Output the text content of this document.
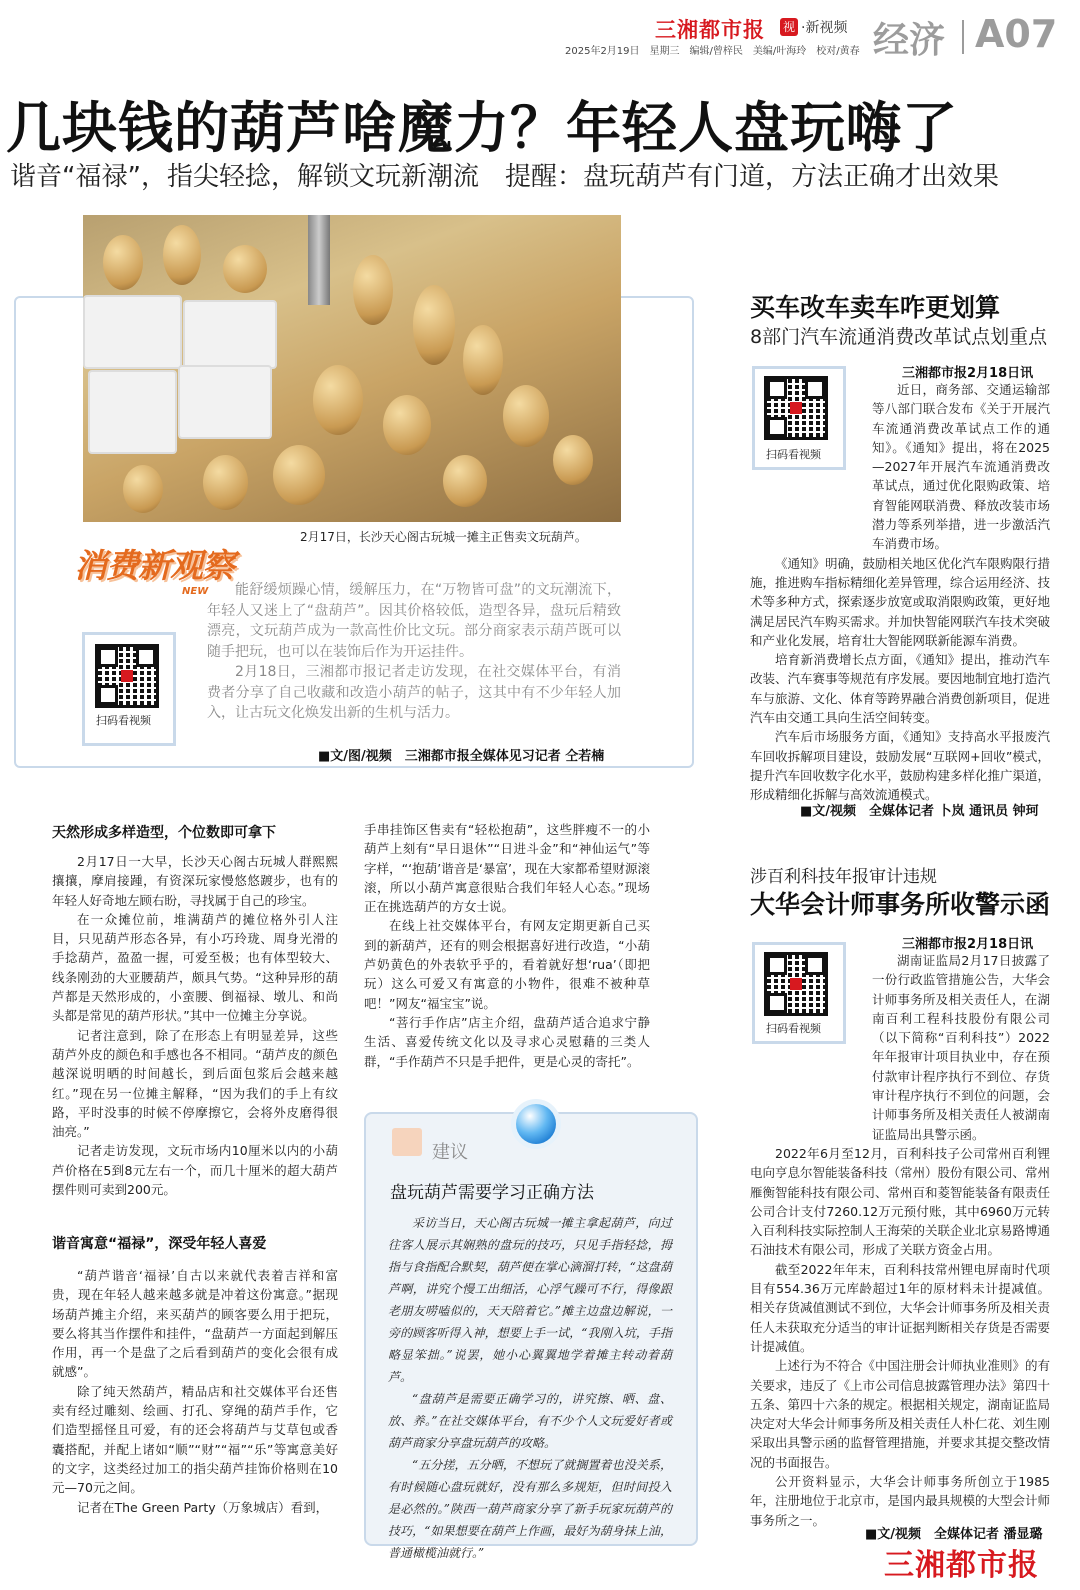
三湘都市报 视 ·新视频
2025年2月19日　星期三　编辑/曾梓民　美编/叶海玲　校对/黄春 经济 A07
几块钱的葫芦啥魔力？年轻人盘玩嗨了
谐音“福禄”，指尖轻捻，解锁文玩新潮流　提醒：盘玩葫芦有门道，方法正确才出效果
2月17日，长沙天心阁古玩城一摊主正售卖文玩葫芦。
消费新观察
NEW
扫码看视频

能舒缓烦躁心情，缓解压力，在“万物皆可盘”的文玩潮流下，年轻人又迷上了“盘葫芦”。因其价格较低，造型各异，盘玩后精致漂亮，文玩葫芦成为一款高性价比文玩。部分商家表示葫芦既可以随手把玩，也可以在装饰后作为开运挂件。

2月18日，三湘都市报记者走访发现，在社交媒体平台，有消费者分享了自己收藏和改造小葫芦的帖子，这其中有不少年轻人加入，让古玩文化焕发出新的生机与活力。

■文/图/视频　三湘都市报全媒体见习记者 仝若楠
天然形成多样造型，个位数即可拿下

2月17日一大早，长沙天心阁古玩城人群熙熙攘攘，摩肩接踵，有资深玩家慢悠悠踱步，也有的年轻人好奇地左顾右盼，寻找属于自己的珍宝。

在一众摊位前，堆满葫芦的摊位格外引人注目，只见葫芦形态各异，有小巧玲珑、周身光滑的手捻葫芦，盈盈一握，可爱至极；也有体型较大、线条刚劲的大亚腰葫芦，颇具气势。“这种异形的葫芦都是天然形成的，小蛮腰、倒福禄、墩儿、和尚头都是常见的葫芦形状。”其中一位摊主分享说。

记者注意到，除了在形态上有明显差异，这些葫芦外皮的颜色和手感也各不相同。“葫芦皮的颜色越深说明晒的时间越长，到后面包浆后会越来越红。”现在另一位摊主解释，“因为我们的手上有纹路，平时没事的时候不停摩擦它，会将外皮磨得很油亮。”

记者走访发现，文玩市场内10厘米以内的小葫芦价格在5到8元左右一个，而几十厘米的超大葫芦摆件则可卖到200元。

谐音寓意“福禄”，深受年轻人喜爱

“葫芦谐音‘福禄’自古以来就代表着吉祥和富贵，现在年轻人越来越多就是冲着这份寓意。”据现场葫芦摊主介绍，来买葫芦的顾客要么用于把玩，要么将其当作摆件和挂件，“盘葫芦一方面起到解压作用，再一个是盘了之后看到葫芦的变化会很有成就感”。

除了纯天然葫芦，精品店和社交媒体平台还售卖有经过雕刻、绘画、打孔、穿绳的葫芦手作，它们造型摇怪且可爱，有的还会将葫芦与艾草包或香囊搭配，并配上诸如“顺”“财”“福”“乐”等寓意美好的文字，这类经过加工的指尖葫芦挂饰价格则在10元—70元之间。

记者在The Green Party（万象城店）看到，

手串挂饰区售卖有“轻松抱葫”，这些胖瘦不一的小葫芦上刻有“早日退休”“日进斗金”和“神仙运气”等字样，“‘抱葫’谐音是‘暴富’，现在大家都希望财源滚滚，所以小葫芦寓意很贴合我们年轻人心态。”现场正在挑选葫芦的方女士说。

在线上社交媒体平台，有网友定期更新自己买到的新葫芦，还有的则会根据喜好进行改造，“小葫芦奶黄色的外表软乎乎的，看着就好想‘rua’（即把玩）这么可爱又有寓意的小物件，很难不被种草吧！”网友“福宝宝”说。

“菩行手作店”店主介绍，盘葫芦适合追求宁静生活、喜爱传统文化以及寻求心灵慰藉的三类人群，“手作葫芦不只是手把件，更是心灵的寄托”。

建议
盘玩葫芦需要学习正确方法

采访当日，天心阁古玩城一摊主拿起葫芦，向过往客人展示其娴熟的盘玩的技巧，只见手指轻捻，拇指与食指配合默契，葫芦便在掌心滴溜打转，“这盘葫芦啊，讲究个慢工出细活，心浮气躁可不行，得像跟老朋友唠嗑似的，天天陪着它。”摊主边盘边解说，一旁的顾客听得入神，想要上手一试，“我刚入坑，手指略显笨拙。”说罢，她小心翼翼地学着摊主转动着葫芦。

“盘葫芦是需要正确学习的，讲究擦、晒、盘、放、养。”在社交媒体平台，有不少个人文玩爱好者或葫芦商家分享盘玩葫芦的攻略。

“五分搓，五分晒，不想玩了就搁置着也没关系，有时候随心盘玩就好，没有那么多规矩，但时间投入是必然的。”陕西一葫芦商家分享了新手玩家玩葫芦的技巧，“如果想要在葫芦上作画，最好为葫身抹上油，普通橄榄油就行。”

买车改车卖车咋更划算
8部门汽车流通消费改革试点划重点
扫码看视频
三湘都市报2月18日讯

近日，商务部、交通运输部等八部门联合发布《关于开展汽车流通消费改革试点工作的通知》。《通知》提出，将在2025—2027年开展汽车流通消费改革试点，通过优化限购政策、培育智能网联消费、释放改装市场潜力等系列举措，进一步激活汽车消费市场。

《通知》明确，鼓励相关地区优化汽车限购限行措施，推进购车指标精细化差异管理，综合运用经济、技术等多种方式，探索逐步放宽或取消限购政策，更好地满足居民汽车购买需求。并加快智能网联汽车技术突破和产业化发展，培育壮大智能网联新能源车消费。

培育新消费增长点方面，《通知》提出，推动汽车改装、汽车赛事等规范有序发展。要因地制宜地打造汽车与旅游、文化、体育等跨界融合消费创新项目，促进汽车由交通工具向生活空间转变。

汽车后市场服务方面，《通知》支持高水平报废汽车回收拆解项目建设，鼓励发展“互联网+回收”模式，提升汽车回收数字化水平，鼓励构建多样化推广渠道，形成精细化拆解与高效流通模式。

■文/视频　全媒体记者 卜岚 通讯员 钟珂
涉百利科技年报审计违规
大华会计师事务所收警示函
扫码看视频
三湘都市报2月18日讯

湖南证监局2月17日披露了一份行政监管措施公告，大华会计师事务所及相关责任人，在湖南百利工程科技股份有限公司（以下简称“百利科技”）2022年年报审计项目执业中，存在预付款审计程序执行不到位、存货审计程序执行不到位的问题，会计师事务所及相关责任人被湖南证监局出具警示函。

2022年6月至12月，百利科技子公司常州百利锂电向亨息尔智能装备科技（常州）股份有限公司、常州雁衡智能科技有限公司、常州百和菱智能装备有限责任公司合计支付7260.12万元预付账，其中6960万元转入百利科技实际控制人王海荣的关联企业北京易路博通石油技术有限公司，形成了关联方资金占用。

截至2022年年末，百利科技常州锂电屏南时代项目有554.36万元库龄超过1年的原材料未计提减值。相关存货减值测试不到位，大华会计师事务所及相关责任人未获取充分适当的审计证据判断相关存货是否需要计提减值。

上述行为不符合《中国注册会计师执业准则》的有关要求，违反了《上市公司信息披露管理办法》第四十五条、第四十六条的规定。根据相关规定，湖南证监局决定对大华会计师事务所及相关责任人朴仁花、刘生刚采取出具警示函的监督管理措施，并要求其提交整改情况的书面报告。

公开资料显示，大华会计师事务所创立于1985年，注册地位于北京市，是国内最具规模的大型会计师事务所之一。

■文/视频　全媒体记者 潘显璐
三湘都市报
